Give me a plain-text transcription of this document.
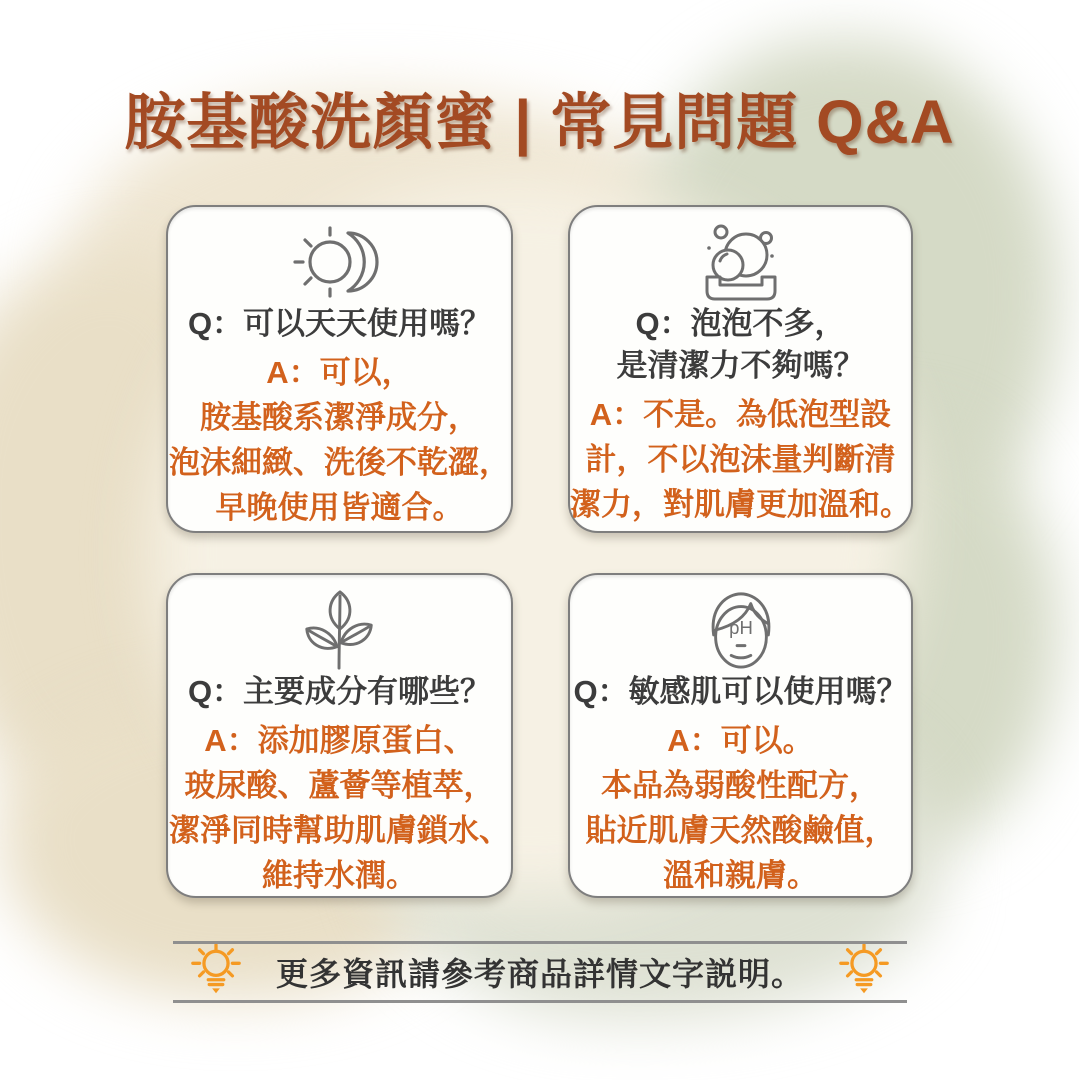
胺基酸洗顏蜜 | 常見問題 Q&A
Q：可以天天使用嗎？
A：可以，
胺基酸系潔淨成分，
泡沫細緻、洗後不乾澀，
早晚使用皆適合。
Q：泡泡不多，
是清潔力不夠嗎？
A：不是。為低泡型設
計，不以泡沫量判斷清
潔力，對肌膚更加溫和。
Q：主要成分有哪些？
A：添加膠原蛋白、
玻尿酸、蘆薈等植萃，
潔淨同時幫助肌膚鎖水、
維持水潤。
pH
Q：敏感肌可以使用嗎？
A：可以。
本品為弱酸性配方，
貼近肌膚天然酸鹼值，
溫和親膚。
更多資訊請參考商品詳情文字説明。
